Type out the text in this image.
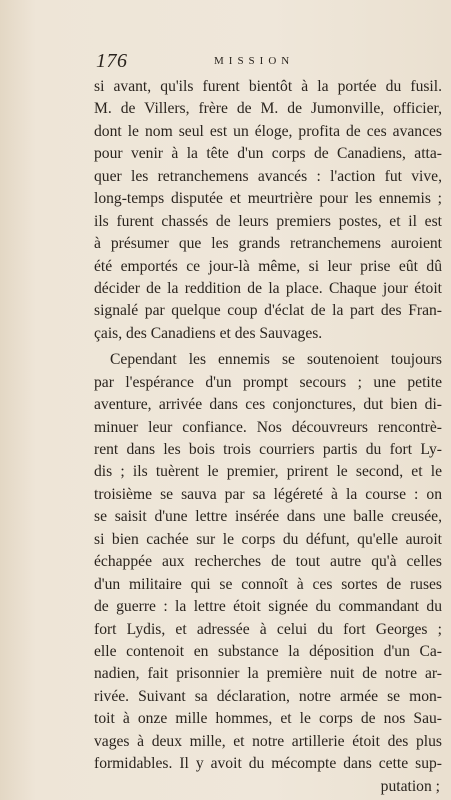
176	MISSION
si avant, qu'ils furent bientôt à la portée du fusil.
M. de Villers, frère de M. de Jumonville, officier,
dont le nom seul est un éloge, profita de ces avances
pour venir à la tête d'un corps de Canadiens, atta-
quer les retranchemens avancés : l'action fut vive,
long-temps disputée et meurtrière pour les ennemis ;
ils furent chassés de leurs premiers postes, et il est
à présumer que les grands retranchemens auroient
été emportés ce jour-là même, si leur prise eût dû
décider de la reddition de la place. Chaque jour étoit
signalé par quelque coup d'éclat de la part des Fran-
çais, des Canadiens et des Sauvages.
Cependant les ennemis se soutenoient toujours
par l'espérance d'un prompt secours ; une petite
aventure, arrivée dans ces conjonctures, dut bien di-
minuer leur confiance. Nos découvreurs rencontrè-
rent dans les bois trois courriers partis du fort Ly-
dis ; ils tuèrent le premier, prirent le second, et le
troisième se sauva par sa légéreté à la course : on
se saisit d'une lettre insérée dans une balle creusée,
si bien cachée sur le corps du défunt, qu'elle auroit
échappée aux recherches de tout autre qu'à celles
d'un militaire qui se connoît à ces sortes de ruses
de guerre : la lettre étoit signée du commandant du
fort Lydis, et adressée à celui du fort Georges ;
elle contenoit en substance la déposition d'un Ca-
nadien, fait prisonnier la première nuit de notre ar-
rivée. Suivant sa déclaration, notre armée se mon-
toit à onze mille hommes, et le corps de nos Sau-
vages à deux mille, et notre artillerie étoit des plus
formidables. Il y avoit du mécompte dans cette sup-
putation ;
